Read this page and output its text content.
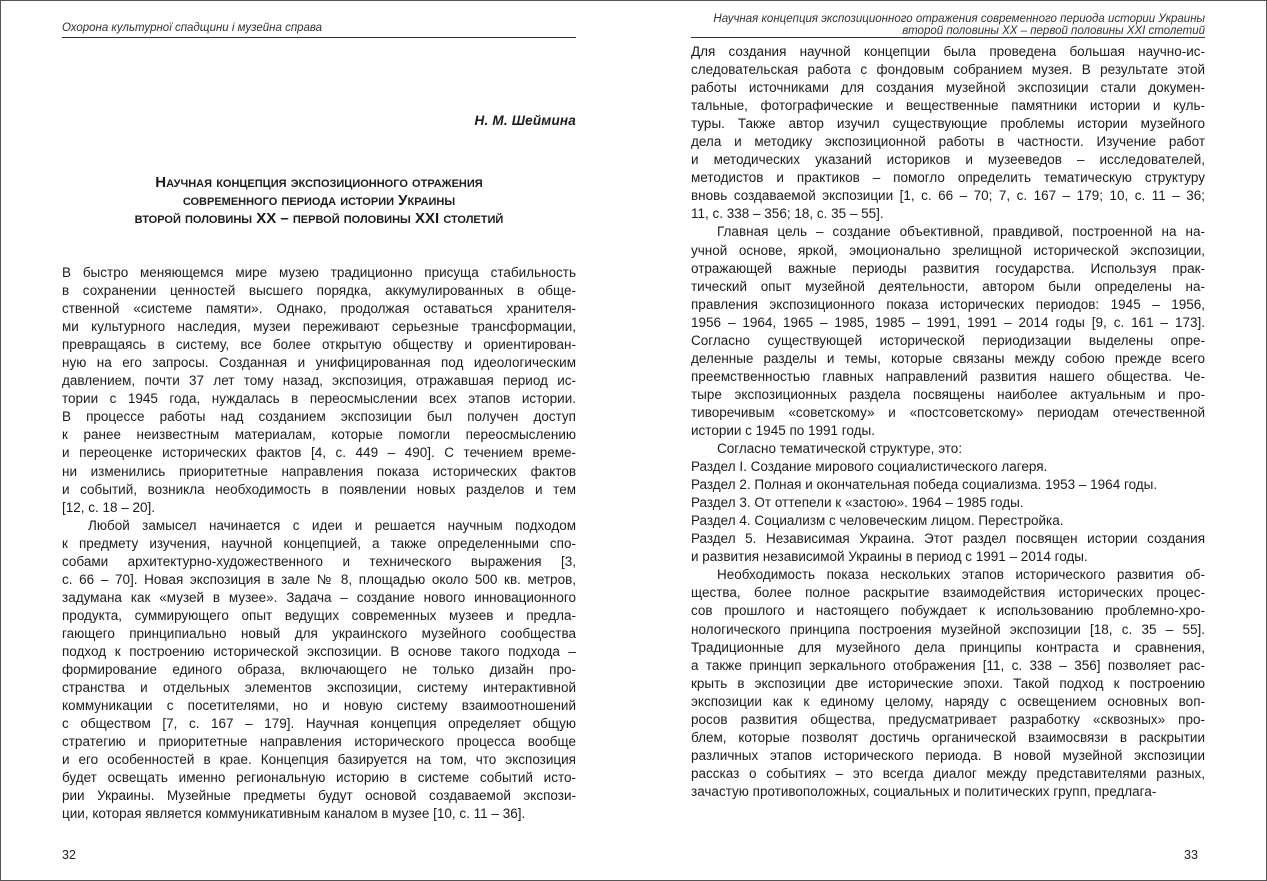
Охорона культурної спадщини і музейна справа
Н. М. Шеймина
Научная концепция экспозиционного отражения
современного периода истории Украины
второй половины ХХ – первой половины ХХI столетий
В быстро меняющемся мире музею традиционно присуща стабильность
в сохранении ценностей высшего порядка, аккумулированных в обще-
ственной «системе памяти». Однако, продолжая оставаться хранителя-
ми культурного наследия, музеи переживают серьезные трансформации,
превращаясь в систему, все более открытую обществу и ориентирован-
ную на его запросы. Созданная и унифицированная под идеологическим
давлением, почти 37 лет тому назад, экспозиция, отражавшая период ис-
тории с 1945 года, нуждалась в переосмыслении всех этапов истории.
В процессе работы над созданием экспозиции был получен доступ
к ранее неизвестным материалам, которые помогли переосмыслению
и переоценке исторических фактов [4, с. 449 – 490]. С течением време-
ни изменились приоритетные направления показа исторических фактов
и событий, возникла необходимость в появлении новых разделов и тем
[12, с. 18 – 20].
Любой замысел начинается с идеи и решается научным подходом
к предмету изучения, научной концепцией, а также определенными спо-
собами архитектурно-художественного и технического выражения [3,
с. 66 – 70]. Новая экспозиция в зале № 8, площадью около 500 кв. метров,
задумана как «музей в музее». Задача – создание нового инновационного
продукта, суммирующего опыт ведущих современных музеев и предла-
гающего принципиально новый для украинского музейного сообщества
подход к построению исторической экспозиции. В основе такого подхода –
формирование единого образа, включающего не только дизайн про-
странства и отдельных элементов экспозиции, систему интерактивной
коммуникации с посетителями, но и новую систему взаимоотношений
с обществом [7, с. 167 – 179]. Научная концепция определяет общую
стратегию и приоритетные направления исторического процесса вообще
и его особенностей в крае. Концепция базируется на том, что экспозиция
будет освещать именно региональную историю в системе событий исто-
рии Украины. Музейные предметы будут основой создаваемой экспози-
ции, которая является коммуникативным каналом в музее [10, с. 11 – 36].
32
Научная концепция экспозиционного отражения современного периода истории Украины
второй половины ХХ – первой половины ХХI столетий
Для создания научной концепции была проведена большая научно-ис-
следовательская работа с фондовым собранием музея. В результате этой
работы источниками для создания музейной экспозиции стали докумен-
тальные, фотографические и вещественные памятники истории и куль-
туры. Также автор изучил существующие проблемы истории музейного
дела и методику экспозиционной работы в частности. Изучение работ
и методических указаний историков и музееведов – исследователей,
методистов и практиков – помогло определить тематическую структуру
вновь создаваемой экспозиции [1, с. 66 – 70; 7, с. 167 – 179; 10, с. 11 – 36;
11, с. 338 – 356; 18, с. 35 – 55].
Главная цель – создание объективной, правдивой, построенной на на-
учной основе, яркой, эмоционально зрелищной исторической экспозиции,
отражающей важные периоды развития государства. Используя прак-
тический опыт музейной деятельности, автором были определены на-
правления экспозиционного показа исторических периодов: 1945 – 1956,
1956 – 1964, 1965 – 1985, 1985 – 1991, 1991 – 2014 годы [9, с. 161 – 173].
Согласно существующей исторической периодизации выделены опре-
деленные разделы и темы, которые связаны между собою прежде всего
преемственностью главных направлений развития нашего общества. Че-
тыре экспозиционных раздела посвящены наиболее актуальным и про-
тиворечивым «советскому» и «постсоветскому» периодам отечественной
истории с 1945 по 1991 годы.
Согласно тематической структуре, это:
Раздел I. Создание мирового социалистического лагеря.
Раздел 2. Полная и окончательная победа социализма. 1953 – 1964 годы.
Раздел 3. От оттепели к «застою». 1964 – 1985 годы.
Раздел 4. Социализм с человеческим лицом. Перестройка.
Раздел 5. Независимая Украина. Этот раздел посвящен истории создания
и развития независимой Украины в период с 1991 – 2014 годы.
Необходимость показа нескольких этапов исторического развития об-
щества, более полное раскрытие взаимодействия исторических процес-
сов прошлого и настоящего побуждает к использованию проблемно-хро-
нологического принципа построения музейной экспозиции [18, с. 35 – 55].
Традиционные для музейного дела принципы контраста и сравнения,
а также принцип зеркального отображения [11, с. 338 – 356] позволяет рас-
крыть в экспозиции две исторические эпохи. Такой подход к построению
экспозиции как к единому целому, наряду с освещением основных воп-
росов развития общества, предусматривает разработку «сквозных» про-
блем, которые позволят достичь органической взаимосвязи в раскрытии
различных этапов исторического периода. В новой музейной экспозиции
рассказ о событиях – это всегда диалог между представителями разных,
зачастую противоположных, социальных и политических групп, предлага-
33
